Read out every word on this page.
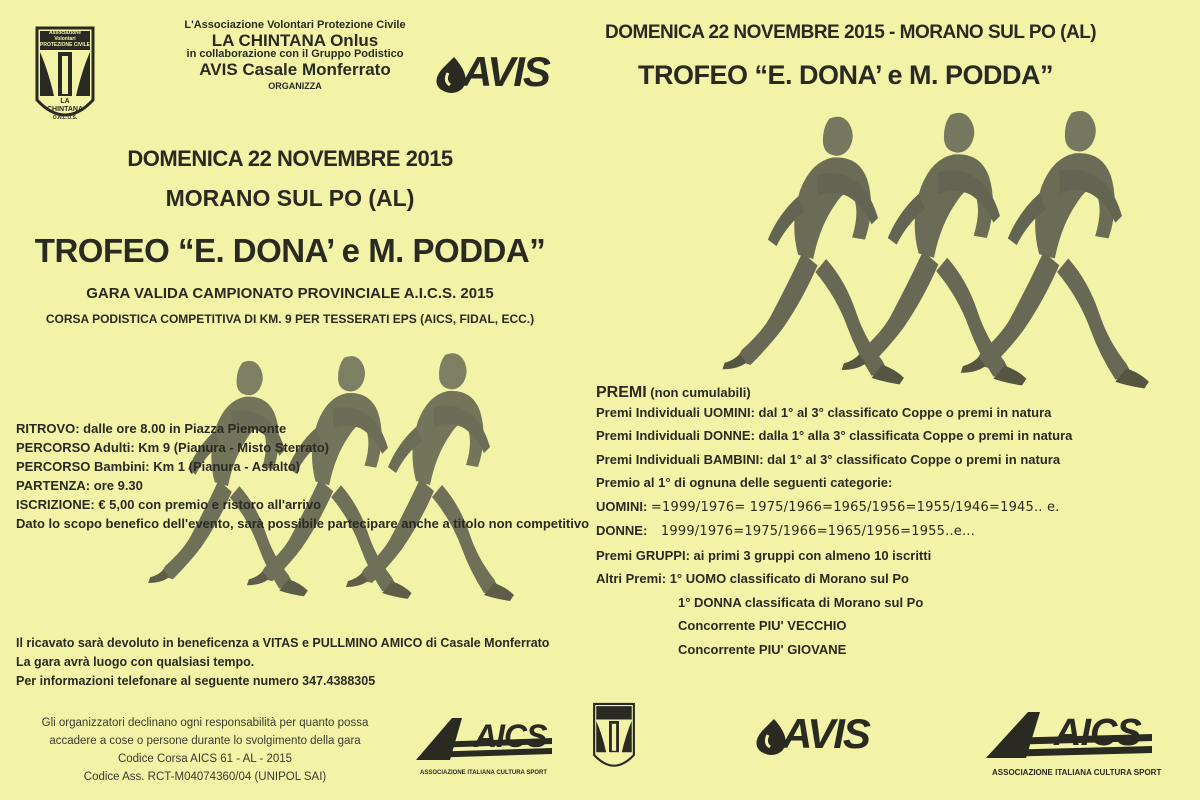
Associazione Volontari
PROTEZIONE CIVILE
LA
CHINTANA
O.N.L.U.S.
L'Associazione Volontari Protezione Civile
LA CHINTANA Onlus
in collaborazione con il Gruppo Podistico
AVIS Casale Monferrato
ORGANIZZA	AVIS
DOMENICA 22 NOVEMBRE 2015
MORANO SUL PO (AL)
TROFEO “E. DONA’ e M. PODDA”
GARA VALIDA CAMPIONATO PROVINCIALE A.I.C.S. 2015
CORSA PODISTICA COMPETITIVA DI KM. 9 PER TESSERATI EPS (AICS, FIDAL, ECC.)
RITROVO: dalle ore 8.00 in Piazza Piemonte
PERCORSO Adulti: Km 9 (Pianura - Misto Sterrato)
PERCORSO Bambini: Km 1 (Pianura - Asfalto)
PARTENZA: ore 9.30
ISCRIZIONE: € 5,00 con premio e ristoro all'arrivo
Dato lo scopo benefico dell'evento, sarà possibile partecipare anche a titolo non competitivo
Il ricavato sarà devoluto in beneficenza a VITAS e PULLMINO AMICO di Casale Monferrato
La gara avrà luogo con qualsiasi tempo.
Per informazioni telefonare al seguente numero 347.4388305
Gli organizzatori declinano ogni responsabilità per quanto possa
accadere a cose o persone durante lo svolgimento della gara
Codice Corsa AICS 61 - AL - 2015
Codice Ass. RCT-M04074360/04 (UNIPOL SAI)
AICS
ASSOCIAZIONE ITALIANA CULTURA SPORT
DOMENICA 22 NOVEMBRE 2015 - MORANO SUL PO (AL)
TROFEO “E. DONA’ e M. PODDA”
PREMI (non cumulabili)
Premi Individuali UOMINI: dal 1° al 3° classificato Coppe o premi in natura
Premi Individuali DONNE: dalla 1° alla 3° classificata Coppe o premi in natura
Premi Individuali BAMBINI: dal 1° al 3° classificato Coppe o premi in natura
Premio al 1° di ognuna delle seguenti categorie:
UOMINI: =1999/1976= 1975/1966=1965/1956=1955/1946=1945.. e.
DONNE: 1999/1976=1975/1966=1965/1956=1955..e...
Premi GRUPPI: ai primi 3 gruppi con almeno 10 iscritti
Altri Premi: 1° UOMO classificato di Morano sul Po
1° DONNA classificata di Morano sul Po
Concorrente PIU' VECCHIO
Concorrente PIU' GIOVANE
AVIS	AICS
ASSOCIAZIONE ITALIANA CULTURA SPORT
